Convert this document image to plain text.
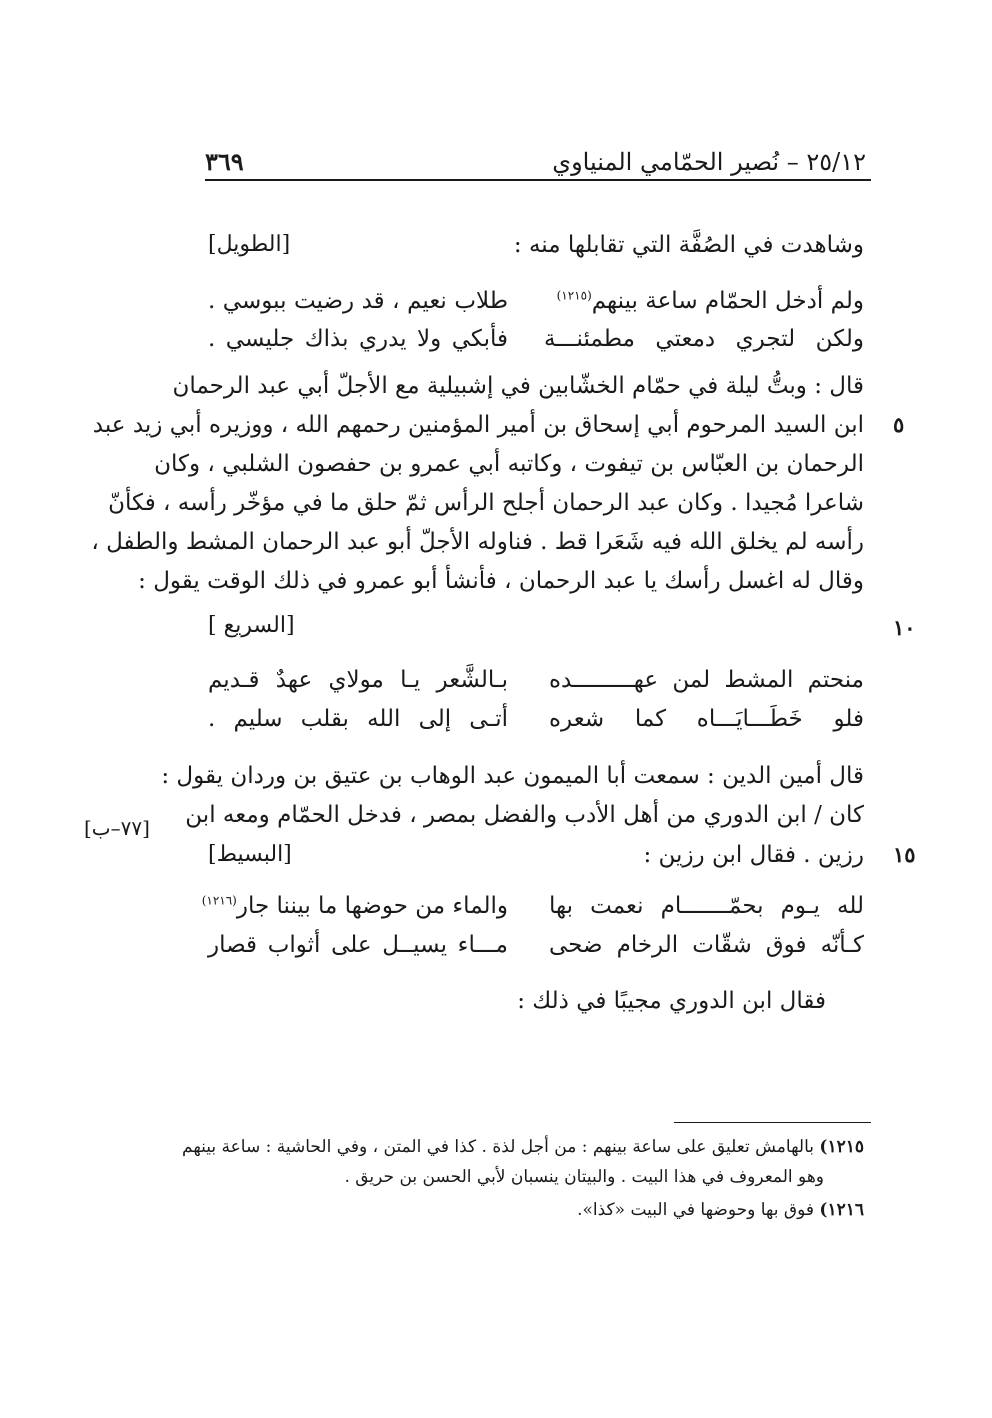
٢٥/١٢ – نُصير الحمّامي المنياوي
٣٦٩
وشاهدت في الصُفَّة التي تقابلها منه :
[الطويل]
ولم أدخل الحمّام ساعة بينهم$^{(١٢١٥)}$
طلاب نعيم ، قد رضيت ببوسي .
ولكن لتجري دمعتي مطمئنـــة
فأبكي ولا يدري بذاك جليسي .
قال : وبتُّ ليلة في حمّام الخشّابين في إشبيلية مع الأجلّ أبي عبد الرحمان
ابن السيد المرحوم أبي إسحاق بن أمير المؤمنين رحمهم الله ، ووزيره أبي زيد عبد ٥
الرحمان بن العبّاس بن تيفوت ، وكاتبه أبي عمرو بن حفصون الشلبي ، وكان
شاعرا مُجيدا . وكان عبد الرحمان أجلح الرأس ثمّ حلق ما في مؤخّر رأسه ، فكأنّ
رأسه لم يخلق الله فيه شَعَرا قط . فناوله الأجلّ أبو عبد الرحمان المشط والطفل ،
وقال له اغسل رأسك يا عبد الرحمان ، فأنشأ أبو عمرو في ذلك الوقت يقول :
[السريع ]	١٠
منحتم المشط لمن عهـــــــــده
بـالشَّعر يـا مولاي عهدٌ قـديم
فلو خَطَـــايَـــاه كما شعره
أتـى إلى الله بقلب سليم .
قال أمين الدين : سمعت أبا الميمون عبد الوهاب بن عتيق بن وردان يقول :
كان / ابن الدوري من أهل الأدب والفضل بمصر ، فدخل الحمّام ومعه ابن
[٧٧–ب]
رزين . فقال ابن رزين :
[البسيط]	١٥
لله يـوم بحمّـــــــام نعمت بها
والماء من حوضها ما بيننا جار$^{(١٢١٦)}$
كـأنّه فوق شقّات الرخام ضحى
مـــاء يسيــل على أثواب قصار
فقال ابن الدوري مجيبًا في ذلك :
١٢١٥) بالهامش تعليق على ساعة بينهم : من أجل لذة . كذا في المتن ، وفي الحاشية : ساعة بينهم
وهو المعروف في هذا البيت . والبيتان ينسبان لأبي الحسن بن حريق .
١٢١٦) فوق بها وحوضها في البيت «كذا».
